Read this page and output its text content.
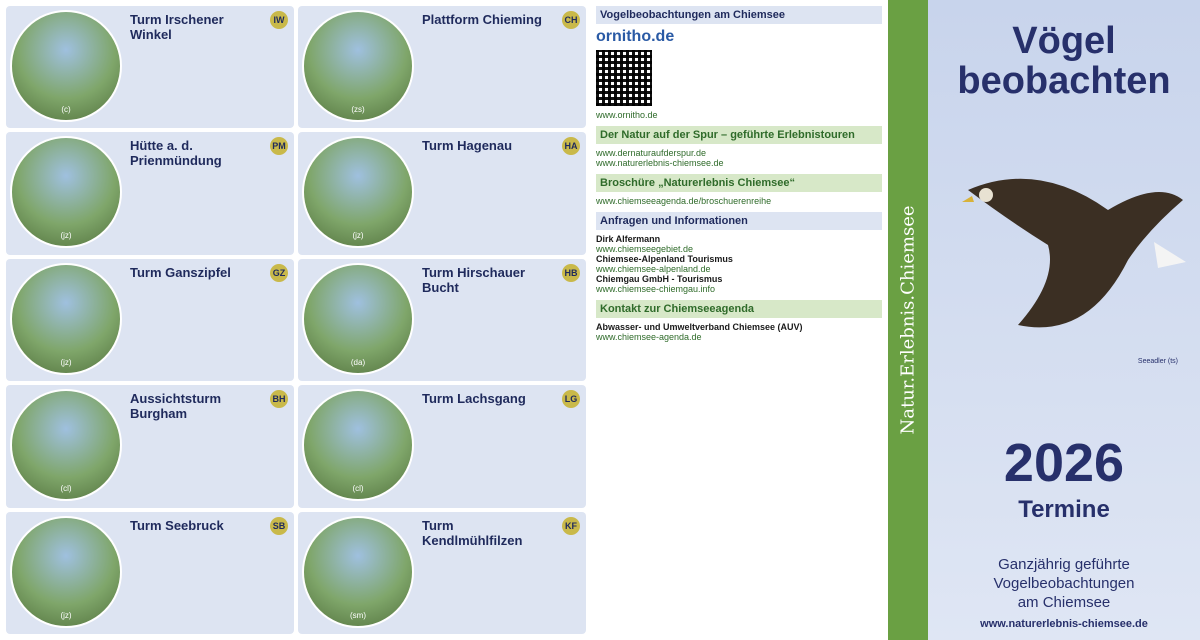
(c)
Turm Irschener Winkel
IW
(zs)
Plattform Chieming	CH
(jz)
Hütte a. d. Prienmündung
PM
(jz)
Turm Hagenau	HA
(jz)
Turm Ganszipfel	GZ
(da)
Turm Hirschauer Bucht
HB
(cl)
Aussichtsturm Burgham
BH
(cl)
Turm Lachsgang	LG
(jz)
Turm Seebruck	SB
(sm)
Turm Kendlmühlfilzen
KF
Vogelbeobachtungen am Chiemsee
ornitho.de
www.ornitho.de
Der Natur auf der Spur – geführte Erlebnistouren
www.dernaturaufderspur.de
www.naturerlebnis-chiemsee.de
Broschüre „Naturerlebnis Chiemsee“
www.chiemseeagenda.de/broschuerenreihe
Anfragen und Informationen
Dirk Alfermann
www.chiemseegebiet.de
Chiemsee-Alpenland Tourismus
www.chiemsee-alpenland.de
Chiemgau GmbH - Tourismus
www.chiemsee-chiemgau.info
Kontakt zur Chiemseeagenda
Abwasser- und Umweltverband Chiemsee (AUV)
www.chiemsee-agenda.de	Natur.Erlebnis.Chiemsee
Vögel
beobachten
Seeadler (ts)
2026
Termine
Ganzjährig geführte
Vogelbeobachtungen
am Chiemsee
www.naturerlebnis-chiemsee.de
